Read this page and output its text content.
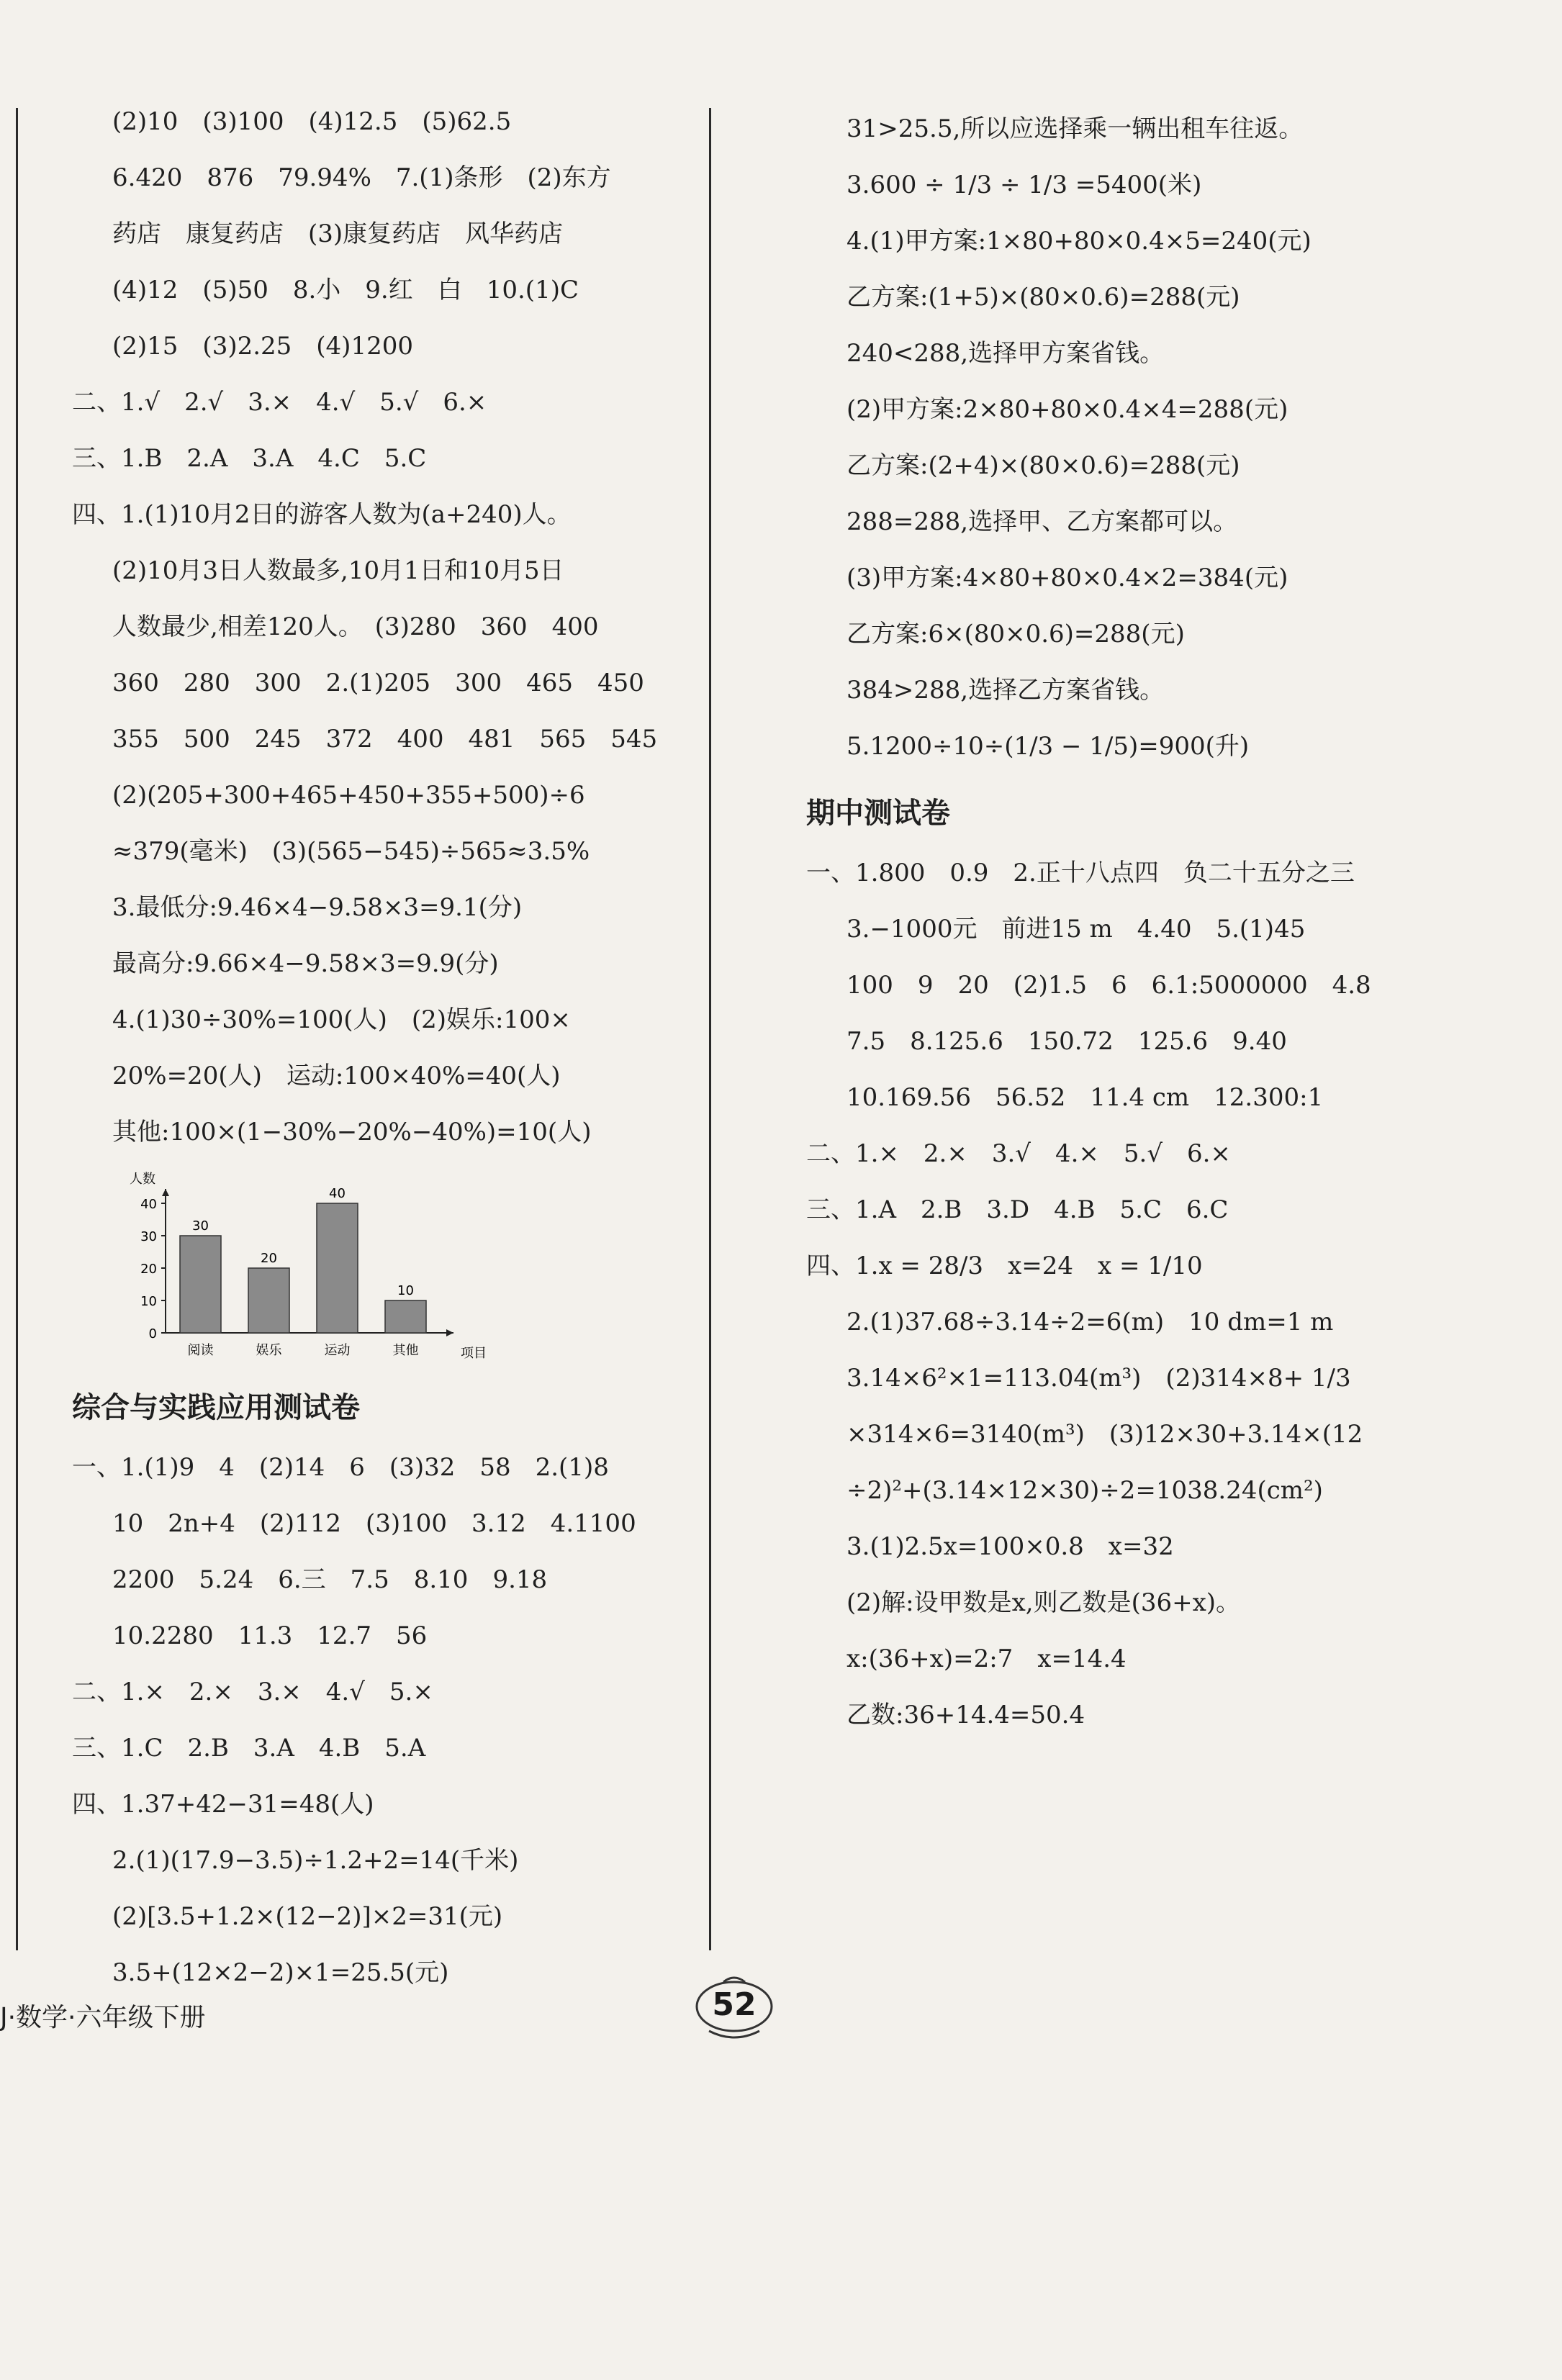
(2)10　(3)100　(4)12.5　(5)62.5
6.420　876　79.94%　7.(1)条形　(2)东方
药店　康复药店　(3)康复药店　风华药店
(4)12　(5)50　8.小　9.红　白　10.(1)C
(2)15　(3)2.25　(4)1200
二、1.√　2.√　3.×　4.√　5.√　6.×
三、1.B　2.A　3.A　4.C　5.C
四、1.(1)10月2日的游客人数为(a+240)人。
(2)10月3日人数最多,10月1日和10月5日
人数最少,相差120人。　(3)280　360　400
360　280　300　2.(1)205　300　465　450
355　500　245　372　400　481　565　545
(2)(205+300+465+450+355+500)÷6
≈379(毫米)　(3)(565−545)÷565≈3.5%
3.最低分:9.46×4−9.58×3=9.1(分)
最高分:9.66×4−9.58×3=9.9(分)
4.(1)30÷30%=100(人)　(2)娱乐:100×
20%=20(人)　运动:100×40%=40(人)
其他:100×(1−30%−20%−40%)=10(人)
0
10
20
30
40
人数
项目
30
阅读
20
娱乐
40
运动
10
其他
综合与实践应用测试卷
一、1.(1)9　4　(2)14　6　(3)32　58　2.(1)8
10　2n+4　(2)112　(3)100　3.12　4.1100
2200　5.24　6.三　7.5　8.10　9.18
10.2280　11.3　12.7　56
二、1.×　2.×　3.×　4.√　5.×
三、1.C　2.B　3.A　4.B　5.A
四、1.37+42−31=48(人)
2.(1)(17.9−3.5)÷1.2+2=14(千米)
(2)[3.5+1.2×(12−2)]×2=31(元)
3.5+(12×2−2)×1=25.5(元)
31>25.5,所以应选择乘一辆出租车往返。
3.600 ÷ 1/3 ÷ 1/3 =5400(米)
4.(1)甲方案:1×80+80×0.4×5=240(元)
乙方案:(1+5)×(80×0.6)=288(元)
240<288,选择甲方案省钱。
(2)甲方案:2×80+80×0.4×4=288(元)
乙方案:(2+4)×(80×0.6)=288(元)
288=288,选择甲、乙方案都可以。
(3)甲方案:4×80+80×0.4×2=384(元)
乙方案:6×(80×0.6)=288(元)
384>288,选择乙方案省钱。
5.1200÷10÷(1/3 − 1/5)=900(升)
期中测试卷
一、1.800　0.9　2.正十八点四　负二十五分之三
3.−1000元　前进15 m　4.40　5.(1)45
100　9　20　(2)1.5　6　6.1:5000000　4.8
7.5　8.125.6　150.72　125.6　9.40
10.169.56　56.52　11.4 cm　12.300:1
二、1.×　2.×　3.√　4.×　5.√　6.×
三、1.A　2.B　3.D　4.B　5.C　6.C
四、1.x = 28/3　x=24　x = 1/10
2.(1)37.68÷3.14÷2=6(m)　10 dm=1 m
3.14×6²×1=113.04(m³)　(2)314×8+ 1/3
×314×6=3140(m³)　(3)12×30+3.14×(12
÷2)²+(3.14×12×30)÷2=1038.24(cm²)
3.(1)2.5x=100×0.8　x=32
(2)解:设甲数是x,则乙数是(36+x)。
x:(36+x)=2:7　x=14.4
乙数:36+14.4=50.4
J·数学·六年级下册	52
